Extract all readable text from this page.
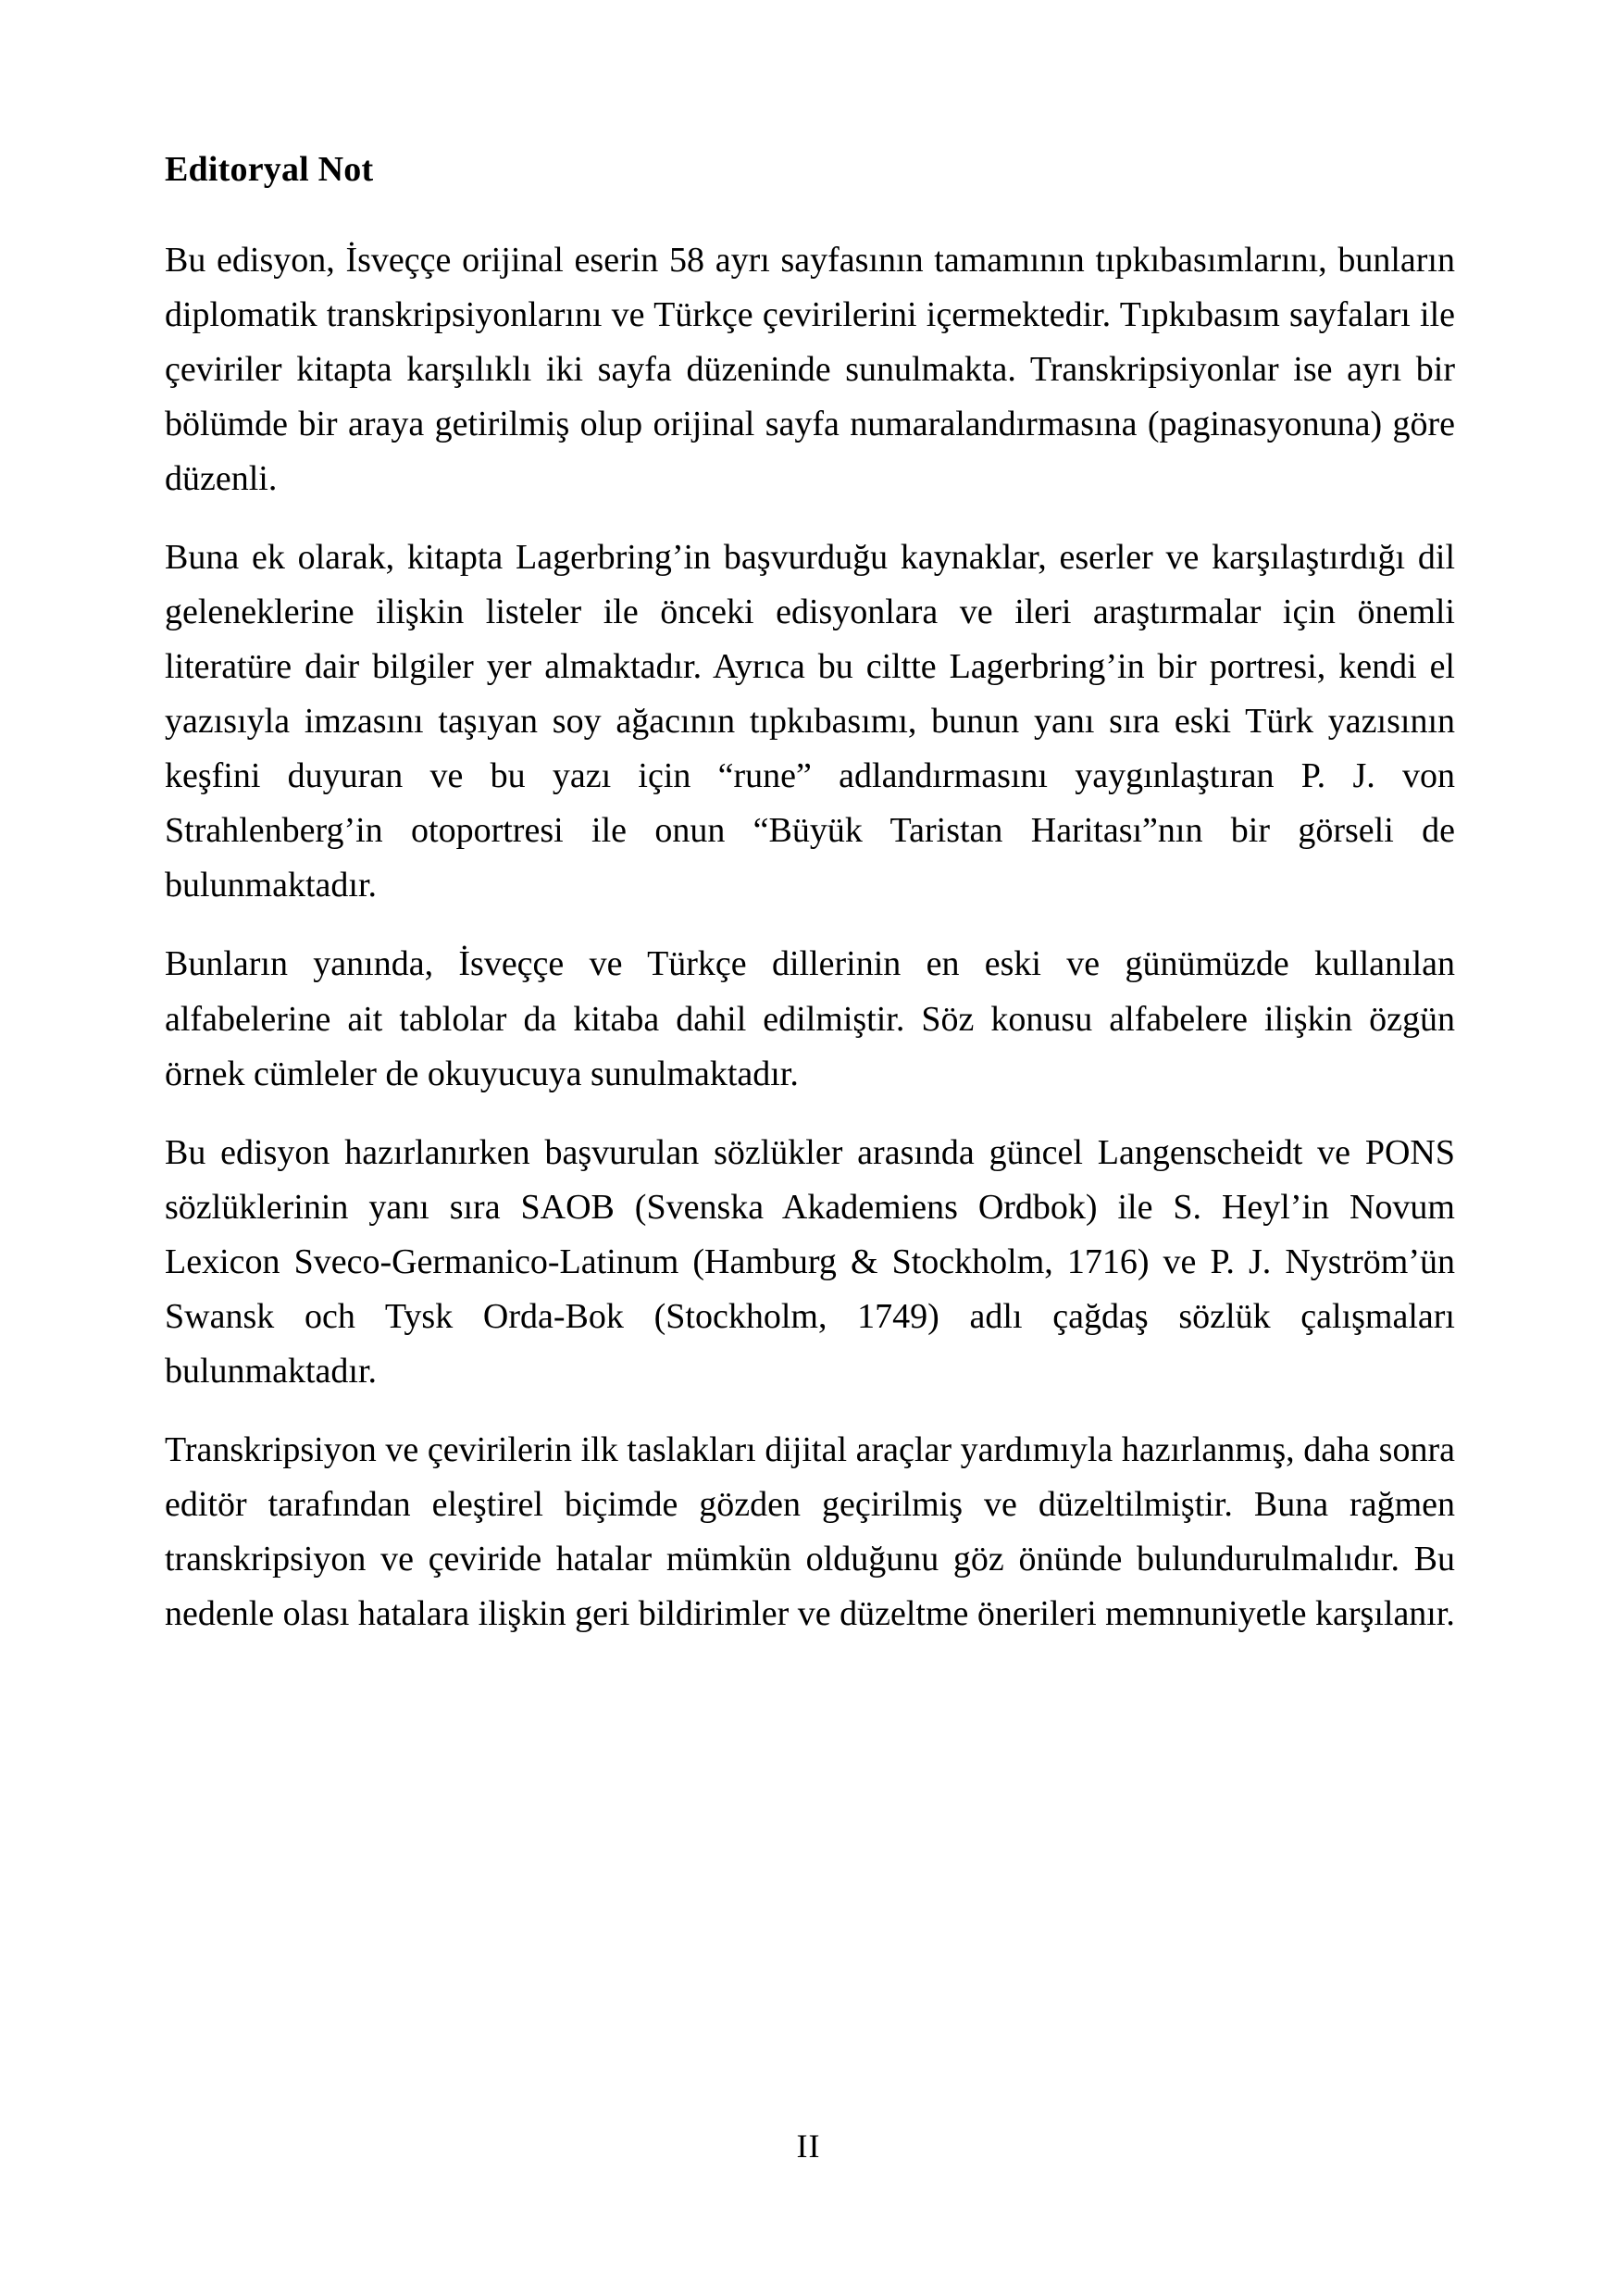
Editoryal Not

Bu edisyon, İsveççe orijinal eserin 58 ayrı sayfasının tamamının tıpkıbasımlarını, bunların diplomatik transkripsiyonlarını ve Türkçe çevirilerini içermektedir. Tıpkıbasım sayfaları ile çeviriler kitapta karşılıklı iki sayfa düzeninde sunulmakta. Transkripsiyonlar ise ayrı bir bölümde bir araya getirilmiş olup orijinal sayfa numaralandırmasına (paginasyonuna) göre düzenli.

Buna ek olarak, kitapta Lagerbring’in başvurduğu kaynaklar, eserler ve karşılaştırdığı dil geleneklerine ilişkin listeler ile önceki edisyonlara ve ileri araştırmalar için önemli literatüre dair bilgiler yer almaktadır. Ayrıca bu ciltte Lagerbring’in bir portresi, kendi el yazısıyla imzasını taşıyan soy ağacının tıpkıbasımı, bunun yanı sıra eski Türk yazısının keşfini duyuran ve bu yazı için “rune” adlandırmasını yaygınlaştıran P. J. von Strahlenberg’in otoportresi ile onun “Büyük Taristan Haritası”nın bir görseli de bulunmaktadır.

Bunların yanında, İsveççe ve Türkçe dillerinin en eski ve günümüzde kullanılan alfabelerine ait tablolar da kitaba dahil edilmiştir. Söz konusu alfabelere ilişkin özgün örnek cümleler de okuyucuya sunulmaktadır.

Bu edisyon hazırlanırken başvurulan sözlükler arasında güncel Langenscheidt ve PONS sözlüklerinin yanı sıra SAOB (Svenska Akademiens Ordbok) ile S. Heyl’in Novum Lexicon Sveco-Germanico-Latinum (Hamburg & Stockholm, 1716) ve P. J. Nyström’ün Swansk och Tysk Orda-Bok (Stockholm, 1749) adlı çağdaş sözlük çalışmaları bulunmaktadır.

Transkripsiyon ve çevirilerin ilk taslakları dijital araçlar yardımıyla hazırlanmış, daha sonra editör tarafından eleştirel biçimde gözden geçirilmiş ve düzeltilmiştir. Buna rağmen transkripsiyon ve çeviride hatalar mümkün olduğunu göz önünde bulundurulmalıdır. Bu nedenle olası hatalara ilişkin geri bildirimler ve düzeltme önerileri memnuniyetle karşılanır.

II
